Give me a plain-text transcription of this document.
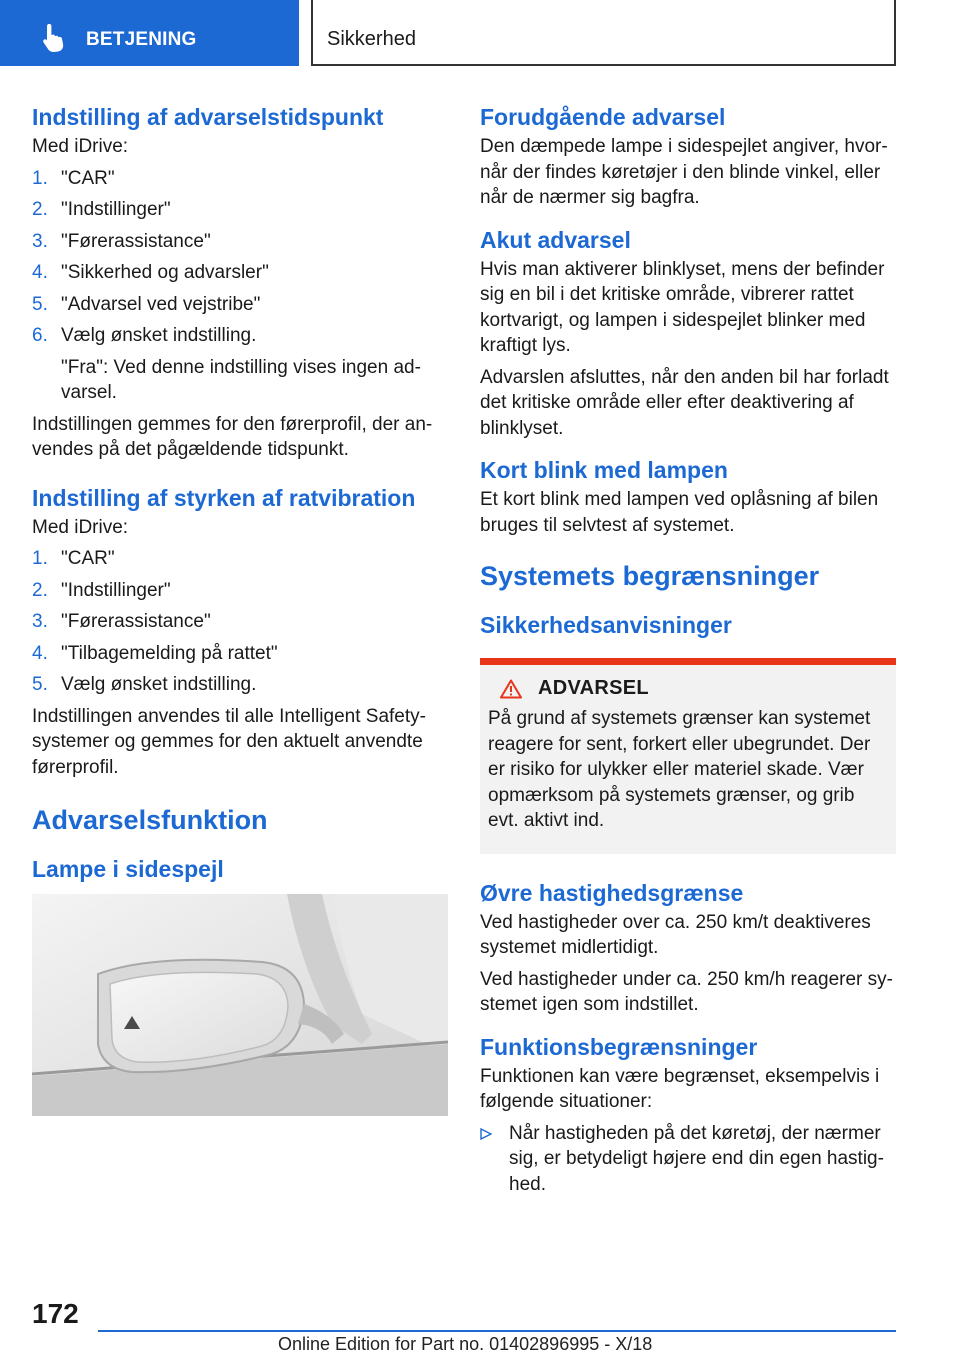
BETJENING	Sikkerhed
Indstilling af advarselstidspunkt
Med iDrive:
1. "CAR"
2. "Indstillinger"
3. "Førerassistance"
4. "Sikkerhed og advarsler"
5. "Advarsel ved vejstribe"
6. Vælg ønsket indstilling.
"Fra": Ved denne indstilling vises ingen ad-varsel.
Indstillingen gemmes for den førerprofil, der an-vendes på det pågældende tidspunkt.
Indstilling af styrken af ratvibration
Med iDrive:
1. "CAR"
2. "Indstillinger"
3. "Førerassistance"
4. "Tilbagemelding på rattet"
5. Vælg ønsket indstilling.
Indstillingen anvendes til alle Intelligent Safety-systemer og gemmes for den aktuelt anvendte førerprofil.
Advarselsfunktion
Lampe i sidespejl
Forudgående advarsel
Den dæmpede lampe i sidespejlet angiver, hvor-når der findes køretøjer i den blinde vinkel, eller når de nærmer sig bagfra.
Akut advarsel
Hvis man aktiverer blinklyset, mens der befinder sig en bil i det kritiske område, vibrerer rattet kortvarigt, og lampen i sidespejlet blinker med kraftigt lys.
Advarslen afsluttes, når den anden bil har forladt det kritiske område eller efter deaktivering af blinklyset.
Kort blink med lampen
Et kort blink med lampen ved oplåsning af bilen bruges til selvtest af systemet.
Systemets begrænsninger
Sikkerhedsanvisninger
ADVARSEL
På grund af systemets grænser kan systemet reagere for sent, forkert eller ubegrundet. Der er risiko for ulykker eller materiel skade. Vær opmærksom på systemets grænser, og grib evt. aktivt ind.
Øvre hastighedsgrænse
Ved hastigheder over ca. 250 km/t deaktiveres systemet midlertidigt.
Ved hastigheder under ca. 250 km/h reagerer sy-stemet igen som indstillet.
Funktionsbegrænsninger
Funktionen kan være begrænset, eksempelvis i følgende situationer:
Når hastigheden på det køretøj, der nærmer sig, er betydeligt højere end din egen hastig-hed.
172
Online Edition for Part no. 01402896995 - X/18
